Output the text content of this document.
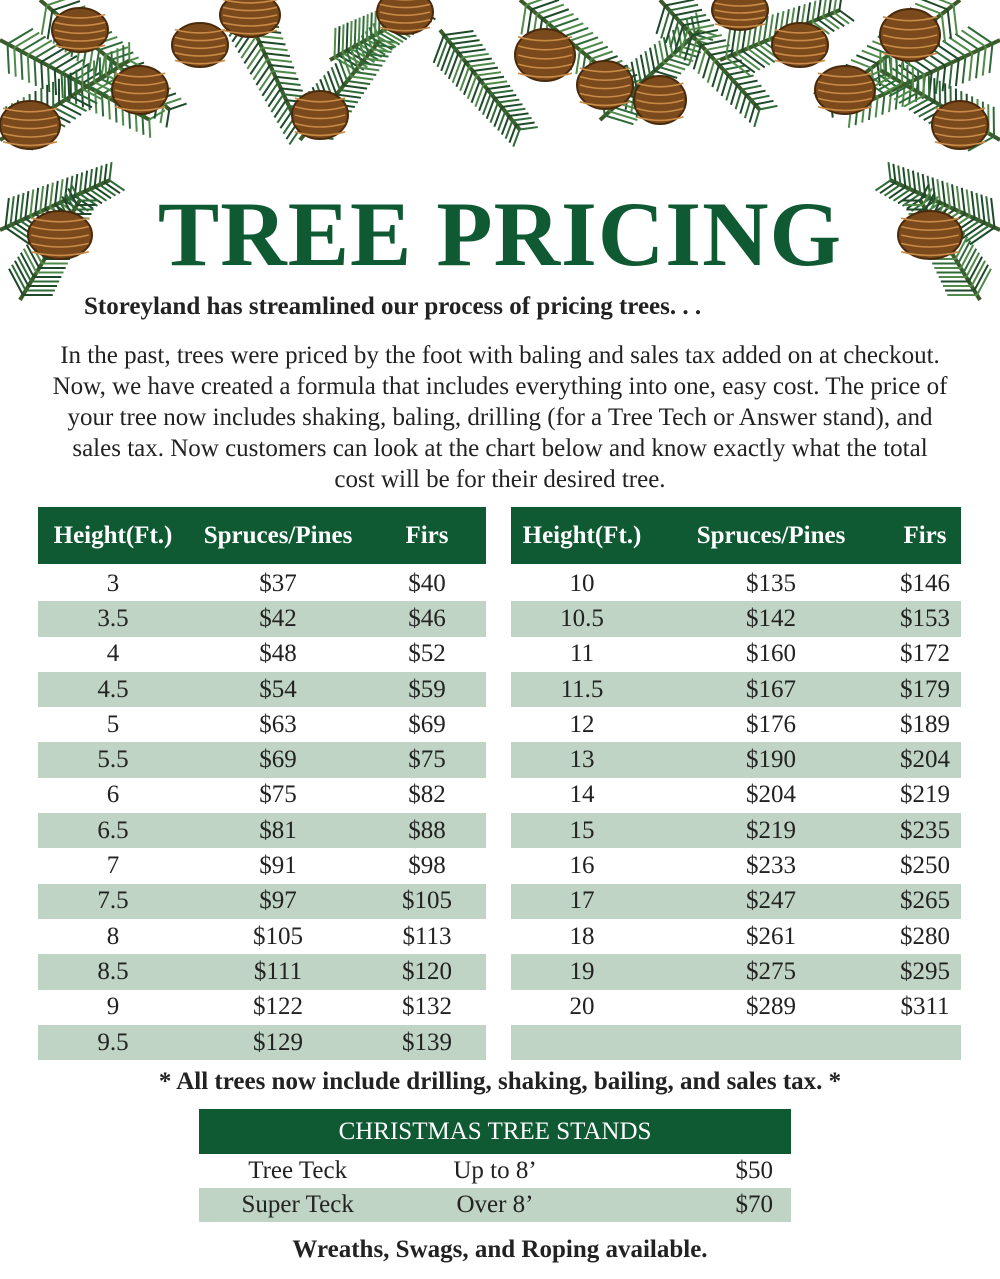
TREE PRICING

Storeyland has streamlined our process of pricing trees. . .

In the past, trees were priced by the foot with baling and sales tax added on at checkout. Now, we have created a formula that includes everything into one, easy cost. The price of your tree now includes shaking, baling, drilling (for a Tree Tech or Answer stand), and sales tax. Now customers can look at the chart below and know exactly what the total cost will be for their desired tree.

Height(Ft.)	Spruces/Pines	Firs
3	$37	$40
3.5	$42	$46
4	$48	$52
4.5	$54	$59
5	$63	$69
5.5	$69	$75
6	$75	$82
6.5	$81	$88
7	$91	$98
7.5	$97	$105
8	$105	$113
8.5	$111	$120
9	$122	$132
9.5	$129	$139
Height(Ft.)	Spruces/Pines	Firs
10	$135	$146
10.5	$142	$153
11	$160	$172
11.5	$167	$179
12	$176	$189
13	$190	$204
14	$204	$219
15	$219	$235
16	$233	$250
17	$247	$265
18	$261	$280
19	$275	$295
20	$289	$311

* All trees now include drilling, shaking, bailing, and sales tax. *

CHRISTMAS TREE STANDS		
Tree Teck	Up to 8’	$50
Super Teck	Over 8’	$70

Wreaths, Swags, and Roping available.
